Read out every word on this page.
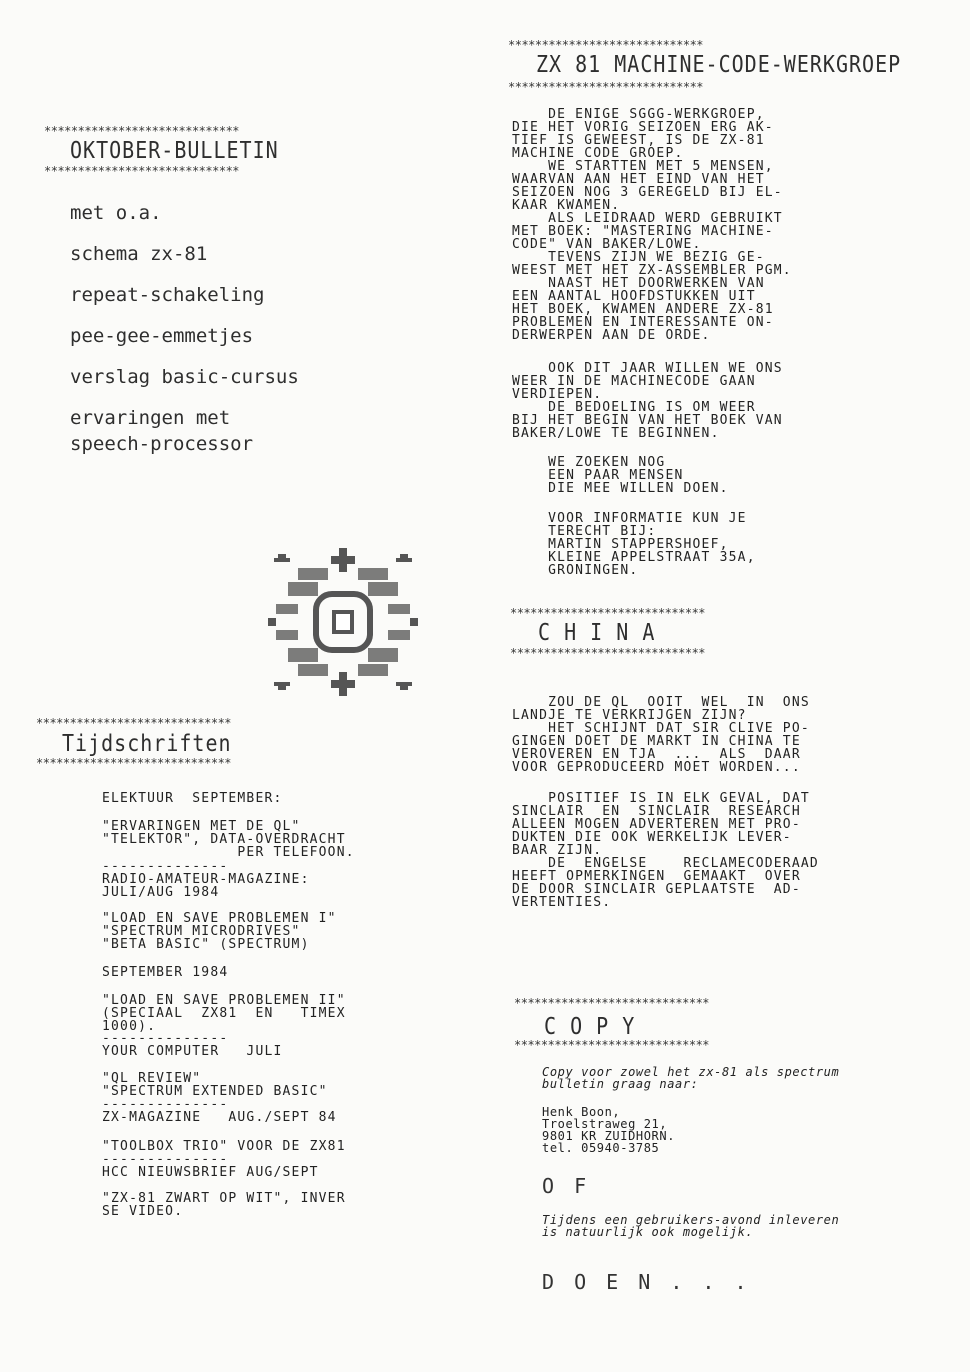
*****************************
OKTOBER-BULLETIN
*****************************
met o.a.
schema zx-81
repeat-schakeling
pee-gee-emmetjes
verslag basic-cursus
ervaringen met
speech-processor
*****************************
Tijdschriften
*****************************
ELEKTUUR  SEPTEMBER:
"ERVARINGEN MET DE QL"
"TELEKTOR", DATA-OVERDRACHT
PER TELEFOON.
--------------
RADIO-AMATEUR-MAGAZINE:
JULI/AUG 1984
"LOAD EN SAVE PROBLEMEN I"
"SPECTRUM MICRODRIVES"
"BETA BASIC" (SPECTRUM)
SEPTEMBER 1984
"LOAD EN SAVE PROBLEMEN II"
(SPECIAAL  ZX81  EN   TIMEX
1000).
--------------
YOUR COMPUTER   JULI
"QL REVIEW"
"SPECTRUM EXTENDED BASIC"
--------------
ZX-MAGAZINE   AUG./SEPT 84
"TOOLBOX TRIO" VOOR DE ZX81
--------------
HCC NIEUWSBRIEF AUG/SEPT
"ZX-81 ZWART OP WIT", INVER
SE VIDEO.
*****************************
ZX 81 MACHINE-CODE-WERKGROEP
*****************************
DE ENIGE SGGG-WERKGROEP,
DIE HET VORIG SEIZOEN ERG AK-
TIEF IS GEWEEST, IS DE ZX-81
MACHINE CODE GROEP.
WE STARTTEN MET 5 MENSEN,
WAARVAN AAN HET EIND VAN HET
SEIZOEN NOG 3 GEREGELD BIJ EL-
KAAR KWAMEN.
ALS LEIDRAAD WERD GEBRUIKT
MET BOEK: "MASTERING MACHINE-
CODE" VAN BAKER/LOWE.
TEVENS ZIJN WE BEZIG GE-
WEEST MET HET ZX-ASSEMBLER PGM.
NAAST HET DOORWERKEN VAN
EEN AANTAL HOOFDSTUKKEN UIT
HET BOEK, KWAMEN ANDERE ZX-81
PROBLEMEN EN INTERESSANTE ON-
DERWERPEN AAN DE ORDE.
OOK DIT JAAR WILLEN WE ONS
WEER IN DE MACHINECODE GAAN
VERDIEPEN.
DE BEDOELING IS OM WEER
BIJ HET BEGIN VAN HET BOEK VAN
BAKER/LOWE TE BEGINNEN.
WE ZOEKEN NOG
EEN PAAR MENSEN
DIE MEE WILLEN DOEN.
VOOR INFORMATIE KUN JE
TERECHT BIJ:
MARTIN STAPPERSHOEF,
KLEINE APPELSTRAAT 35A,
GRONINGEN.
*****************************
C H I N A
*****************************
ZOU DE QL  OOIT  WEL  IN  ONS
LANDJE TE VERKRIJGEN ZIJN?
HET SCHIJNT DAT SIR CLIVE PO-
GINGEN DOET DE MARKT IN CHINA TE
VEROVEREN EN TJA  ...  ALS  DAAR
VOOR GEPRODUCEERD MOET WORDEN...
POSITIEF IS IN ELK GEVAL, DAT
SINCLAIR  EN  SINCLAIR  RESEARCH
ALLEEN MOGEN ADVERTEREN MET PRO-
DUKTEN DIE OOK WERKELIJK LEVER-
BAAR ZIJN.
DE  ENGELSE    RECLAMECODERAAD
HEEFT OPMERKINGEN  GEMAAKT  OVER
DE DOOR SINCLAIR GEPLAATSTE  AD-
VERTENTIES.
*****************************
C O P Y
*****************************
Copy voor zowel het zx-81 als spectrum
bulletin graag naar:
Henk Boon,
Troelstraweg 21,
9801 KR ZUIDHORN.
tel. 05940-3785
O F
Tijdens een gebruikers-avond inleveren
is natuurlijk ook mogelijk.
D O E N . . .
